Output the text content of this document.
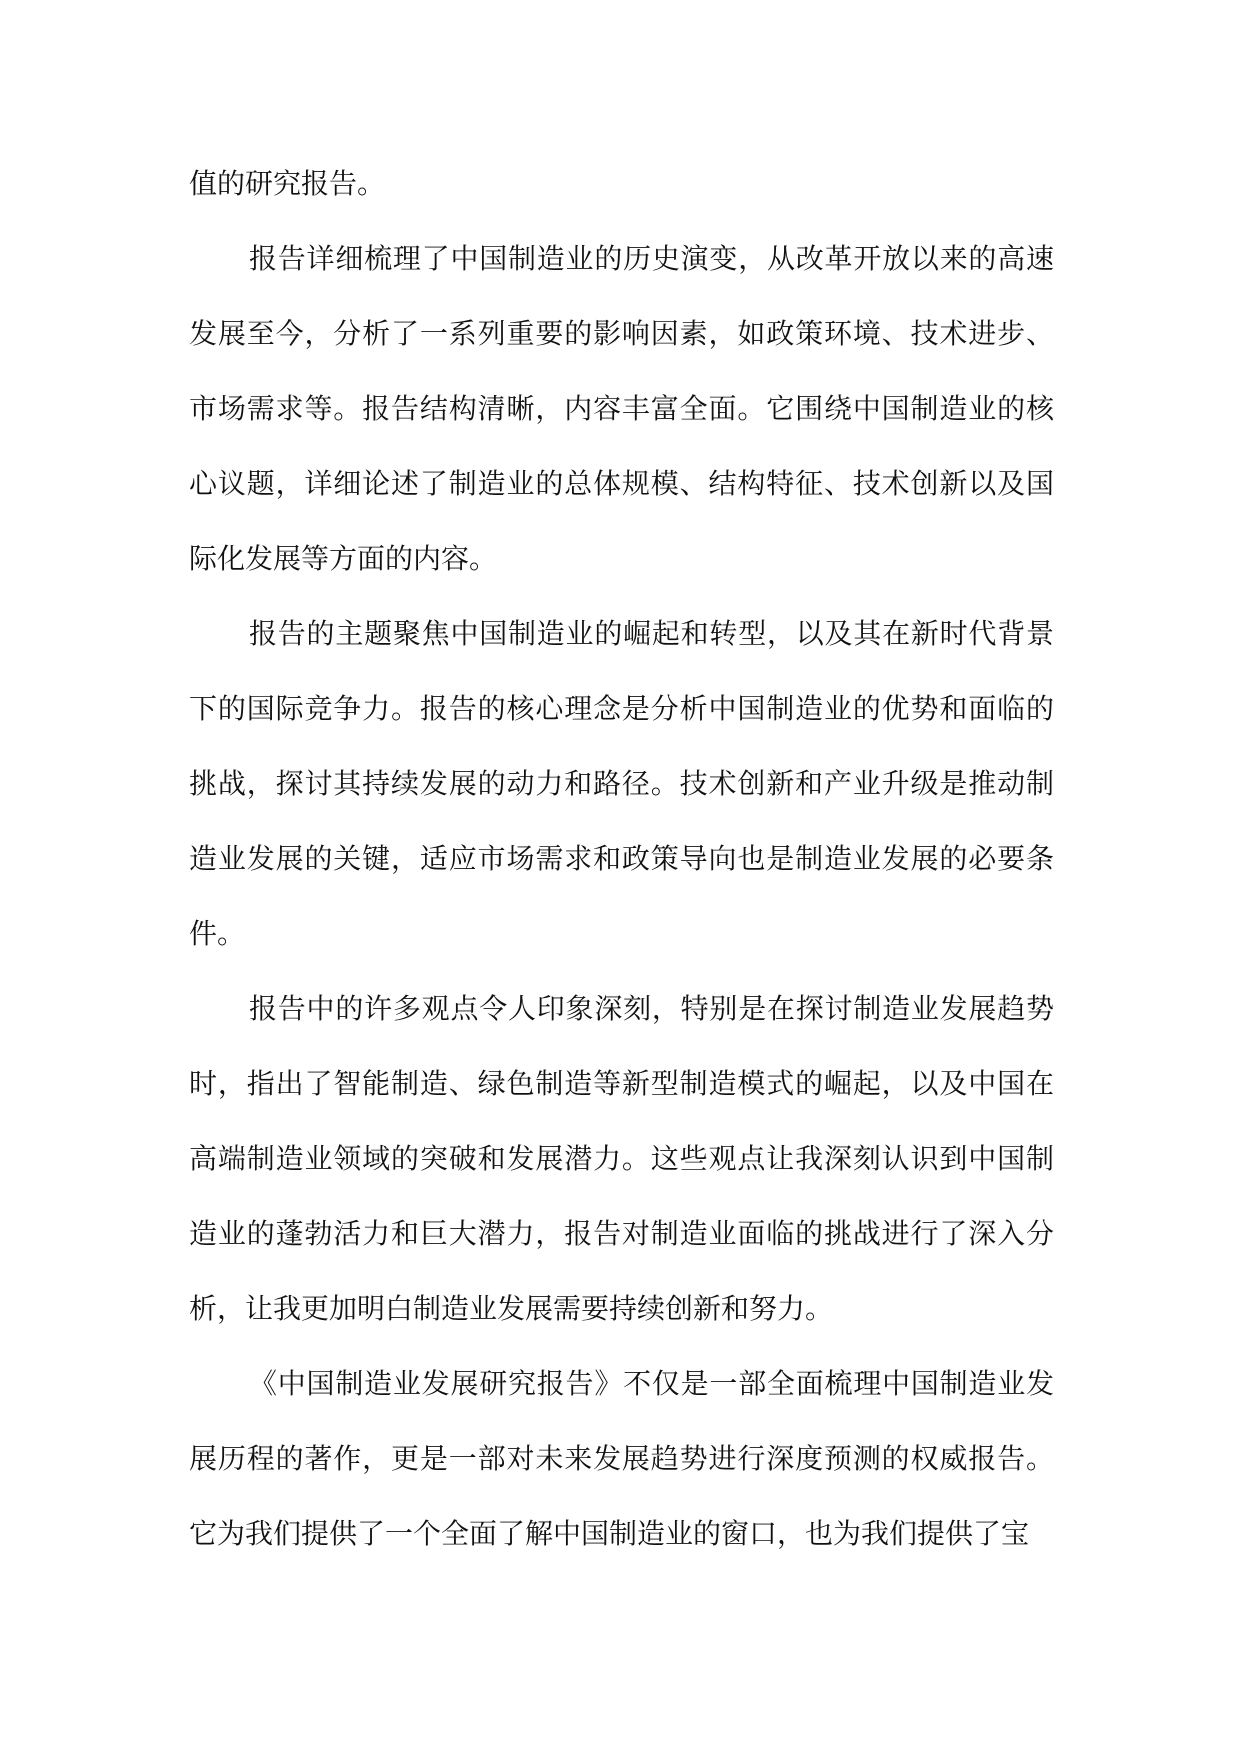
值的研究报告。

报告详细梳理了中国制造业的历史演变，从改革开放以来的高速发展至今，分析了一系列重要的影响因素，如政策环境、技术进步、市场需求等。报告结构清晰，内容丰富全面。它围绕中国制造业的核心议题，详细论述了制造业的总体规模、结构特征、技术创新以及国际化发展等方面的内容。

报告的主题聚焦中国制造业的崛起和转型，以及其在新时代背景下的国际竞争力。报告的核心理念是分析中国制造业的优势和面临的挑战，探讨其持续发展的动力和路径。技术创新和产业升级是推动制造业发展的关键，适应市场需求和政策导向也是制造业发展的必要条件。

报告中的许多观点令人印象深刻，特别是在探讨制造业发展趋势时，指出了智能制造、绿色制造等新型制造模式的崛起，以及中国在高端制造业领域的突破和发展潜力。这些观点让我深刻认识到中国制造业的蓬勃活力和巨大潜力，报告对制造业面临的挑战进行了深入分析，让我更加明白制造业发展需要持续创新和努力。

《中国制造业发展研究报告》不仅是一部全面梳理中国制造业发展历程的著作，更是一部对未来发展趋势进行深度预测的权威报告。它为我们提供了一个全面了解中国制造业的窗口，也为我们提供了宝
